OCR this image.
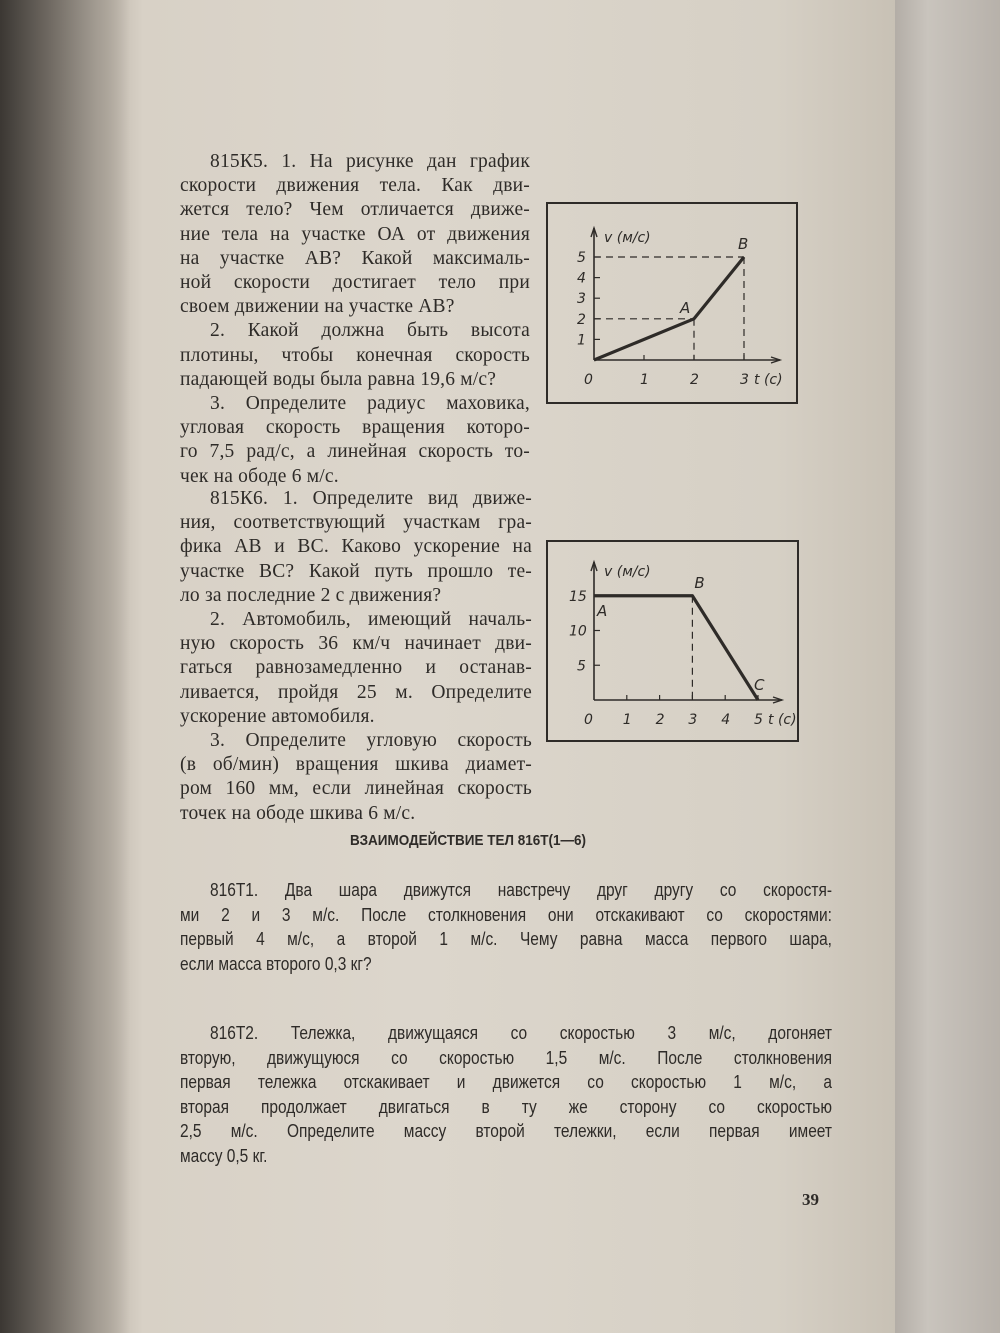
815К5. 1. На рисунке дан график
скорости движения тела. Как дви-
жется тело? Чем отличается движе-
ние тела на участке ОА от движения
на участке АВ? Какой максималь-
ной скорости достигает тело при
своем движении на участке АВ?
2. Какой должна быть высота
плотины, чтобы конечная скорость
падающей воды была равна 19,6 м/с?
3. Определите радиус маховика,
угловая скорость вращения которо-
го 7,5 рад/с, а линейная скорость то-
чек на ободе 6 м/с.
815К6. 1. Определите вид движе-
ния, соответствующий участкам гра-
фика АВ и ВС. Каково ускорение на
участке ВС? Какой путь прошло те-
ло за последние 2 с движения?
2. Автомобиль, имеющий началь-
ную скорость 36 км/ч начинает дви-
гаться равнозамедленно и останав-
ливается, пройдя 25 м. Определите
ускорение автомобиля.
3. Определите угловую скорость
(в об/мин) вращения шкива диамет-
ром 160 мм, если линейная скорость
точек на ободе шкива 6 м/с.
816Т1. Два шара движутся навстречу друг другу со скоростя-
ми 2 и 3 м/с. После столкновения они отскакивают со скоростями:
первый 4 м/с, а второй 1 м/с. Чему равна масса первого шара,
если масса второго 0,3 кг?
816Т2. Тележка, движущаяся со скоростью 3 м/с, догоняет
вторую, движущуюся со скоростью 1,5 м/с. После столкновения
первая тележка отскакивает и движется со скоростью 1 м/с, а
вторая продолжает двигаться в ту же сторону со скоростью
2,5 м/с. Определите массу второй тележки, если первая имеет
массу 0,5 кг.
ВЗАИМОДЕЙСТВИЕ ТЕЛ 816Т(1—6)
39
0	1	2	3
1
2
3
4
5
v (м/с)
t (с)
A
B
0 1 2 3 4 5
5
10
15
v (м/с)
t (с)
A
B
C
